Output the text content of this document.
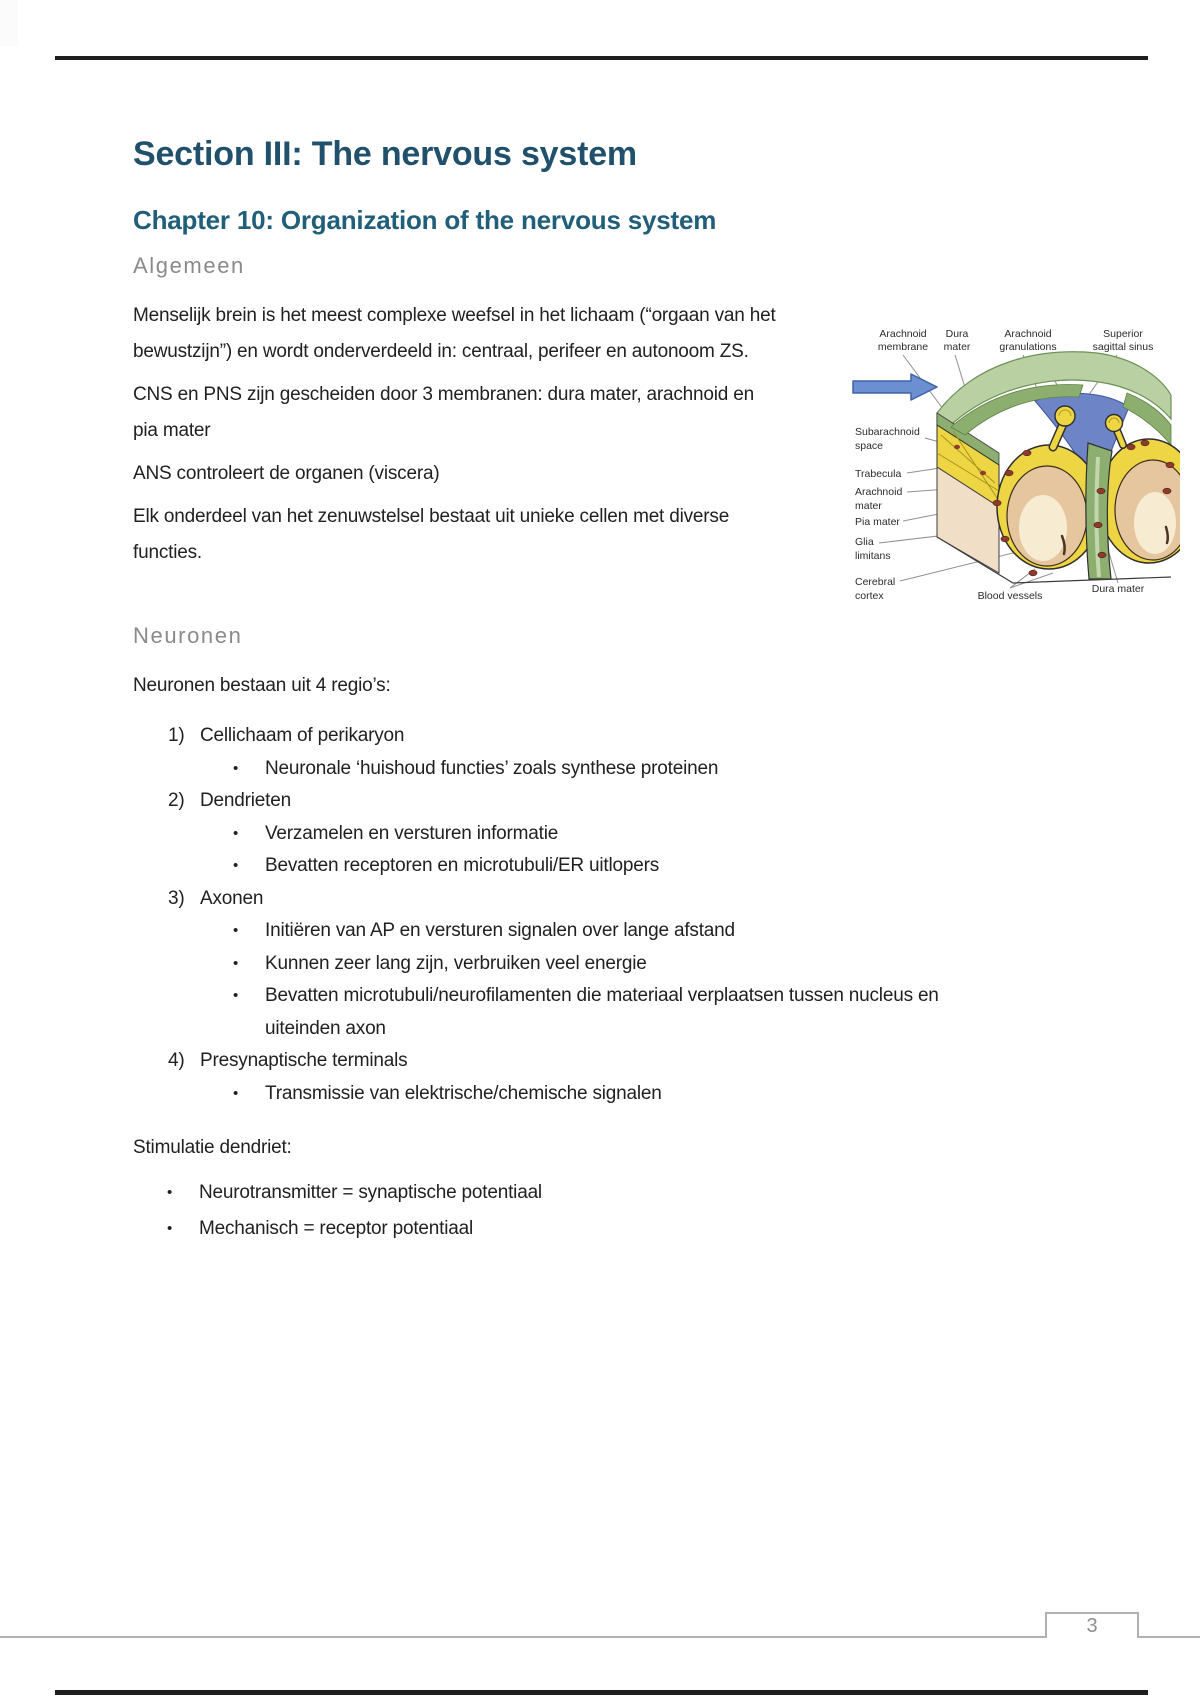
Section III: The nervous system
Chapter 10: Organization of the nervous system
Algemeen

Menselijk brein is het meest complexe weefsel in het lichaam (“orgaan van het bewustzijn”) en wordt onderverdeeld in: centraal, perifeer en autonoom ZS.

CNS en PNS zijn gescheiden door 3 membranen: dura mater, arachnoid en pia mater

ANS controleert de organen (viscera)

Elk onderdeel van het zenuwstelsel bestaat uit unieke cellen met diverse functies.

Neuronen

Neuronen bestaan uit 4 regio’s:

1) Cellichaam of perikaryon
•
Neuronale ‘huishoud functies’ zoals synthese proteinen
2) Dendrieten
•
Verzamelen en versturen informatie
•
Bevatten receptoren en microtubuli/ER uitlopers
3) Axonen
•
Initiëren van AP en versturen signalen over lange afstand
•
Kunnen zeer lang zijn, verbruiken veel energie
•
Bevatten microtubuli/neurofilamenten die materiaal verplaatsen tussen nucleus en uiteinden axon
4) Presynaptische terminals
•
Transmissie van elektrische/chemische signalen

Stimulatie dendriet:

•
Neurotransmitter = synaptische potentiaal
•
Mechanisch = receptor potentiaal
Arachnoid
membrane
Dura
mater
Arachnoid
granulations
Superior
sagittal sinus
Subarachnoid
space
Trabecula
Arachnoid
mater
Pia mater
Glia
limitans
Cerebral
cortex	Blood vessels
Dura mater
3
